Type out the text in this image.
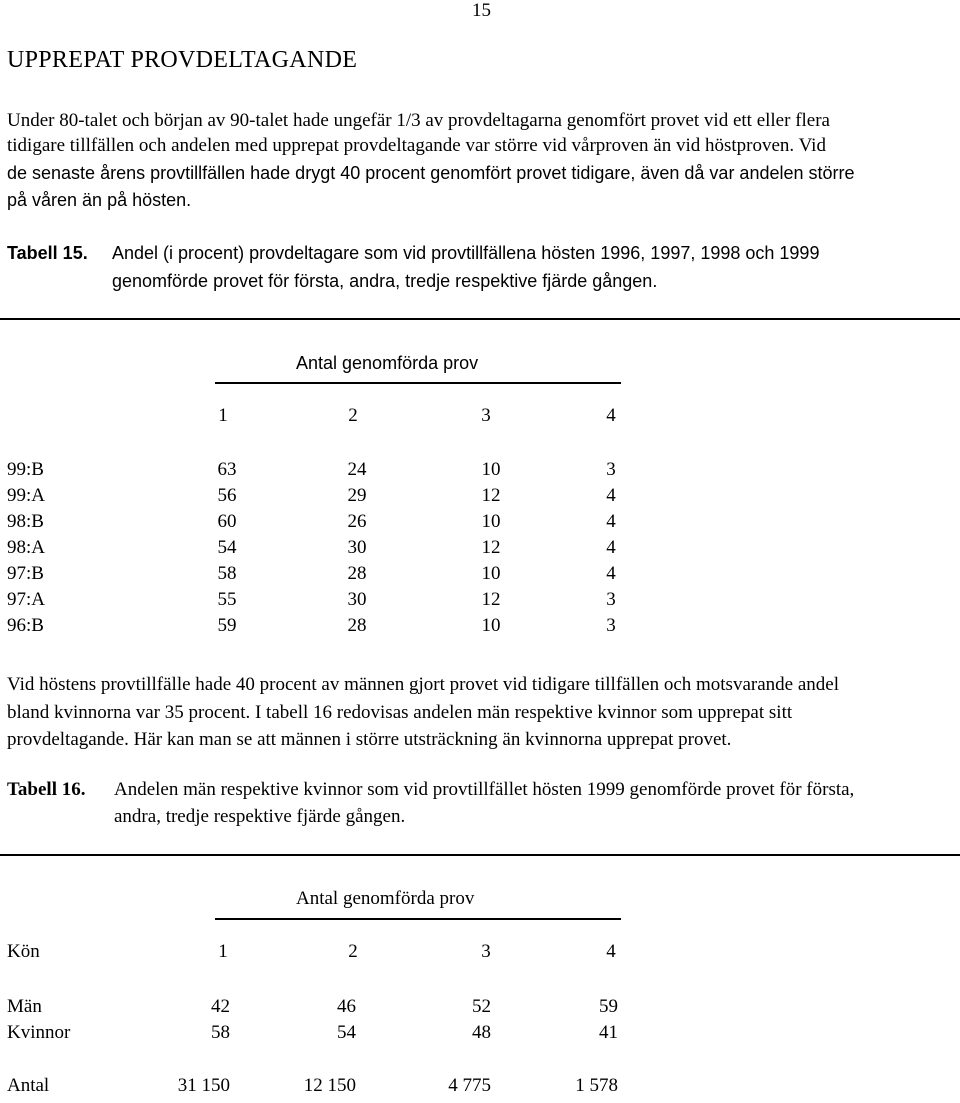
15
UPPREPAT PROVDELTAGANDE
Under 80-talet och början av 90-talet hade ungefär 1/3 av provdeltagarna genomfört provet vid ett eller flera
tidigare tillfällen och andelen med upprepat provdeltagande var större vid vårproven än vid höstproven. Vid
de senaste årens provtillfällen hade drygt 40 procent genomfört provet tidigare, även då var andelen större
på våren än på hösten.
Tabell 15. Andel (i procent) provdeltagare som vid provtillfällena hösten 1996, 1997, 1998 och 1999
genomförde provet för första, andra, tredje respektive fjärde gången.
Antal genomförda prov
1	2	3	4
99:B	63	24	10	3
99:A	56	29	12	4
98:B	60	26	10	4
98:A	54	30	12	4
97:B	58	28	10	4
97:A	55	30	12	3
96:B	59	28	10	3
Vid höstens provtillfälle hade 40 procent av männen gjort provet vid tidigare tillfällen och motsvarande andel
bland kvinnorna var 35 procent. I tabell 16 redovisas andelen män respektive kvinnor som upprepat sitt
provdeltagande. Här kan man se att männen i större utsträckning än kvinnorna upprepat provet.
Tabell 16. Andelen män respektive kvinnor som vid provtillfället hösten 1999 genomförde provet för första,
andra, tredje respektive fjärde gången.
Antal genomförda prov
Kön	1	2	3	4
Män	42	46	52	59
Kvinnor	58	54	48	41
Antal	31 150	12 150	4 775	1 578
